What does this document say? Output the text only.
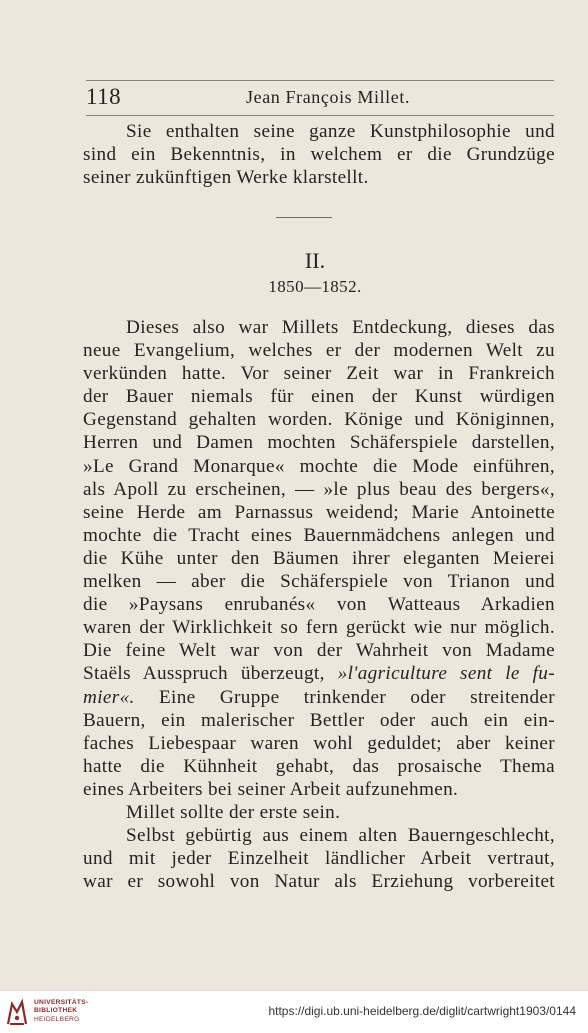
118	Jean François Millet.
Sie enthalten seine ganze Kunstphilosophie und
sind ein Bekenntnis, in welchem er die Grundzüge
seiner zukünftigen Werke klarstellt.
II.
1850—1852.
Dieses also war Millets Entdeckung, dieses das
neue Evangelium, welches er der modernen Welt zu
verkünden hatte. Vor seiner Zeit war in Frankreich
der Bauer niemals für einen der Kunst würdigen
Gegenstand gehalten worden. Könige und Königinnen,
Herren und Damen mochten Schäferspiele darstellen,
»Le Grand Monarque« mochte die Mode einführen,
als Apoll zu erscheinen, — »le plus beau des bergers«,
seine Herde am Parnassus weidend; Marie Antoinette
mochte die Tracht eines Bauernmädchens anlegen und
die Kühe unter den Bäumen ihrer eleganten Meierei
melken — aber die Schäferspiele von Trianon und
die »Paysans enrubanés« von Watteaus Arkadien
waren der Wirklichkeit so fern gerückt wie nur möglich.
Die feine Welt war von der Wahrheit von Madame
Staëls Ausspruch überzeugt, »l'agriculture sent le fu-
mier«. Eine Gruppe trinkender oder streitender
Bauern, ein malerischer Bettler oder auch ein ein-
faches Liebespaar waren wohl geduldet; aber keiner
hatte die Kühnheit gehabt, das prosaische Thema
eines Arbeiters bei seiner Arbeit aufzunehmen.
Millet sollte der erste sein.
Selbst gebürtig aus einem alten Bauerngeschlecht,
und mit jeder Einzelheit ländlicher Arbeit vertraut,
war er sowohl von Natur als Erziehung vorbereitet
UNIVERSITÄTS-
BIBLIOTHEK
HEIDELBERG
https://digi.ub.uni-heidelberg.de/diglit/cartwright1903/0144
